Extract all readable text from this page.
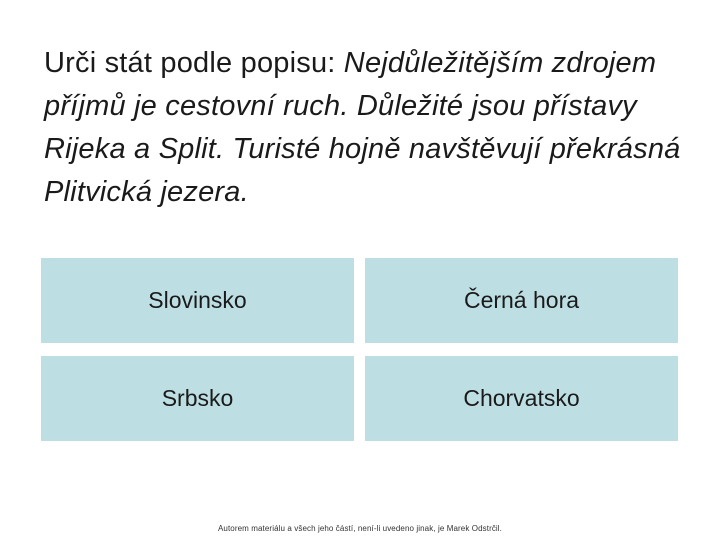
Urči stát podle popisu: Nejdůležitějším zdrojem příjmů je cestovní ruch. Důležité jsou přístavy Rijeka a Split. Turisté hojně navštěvují překrásná Plitvická jezera.
Slovinsko	Černá hora
Srbsko	Chorvatsko
Autorem materiálu a všech jeho částí, není-li uvedeno jinak, je Marek Odstrčil.
